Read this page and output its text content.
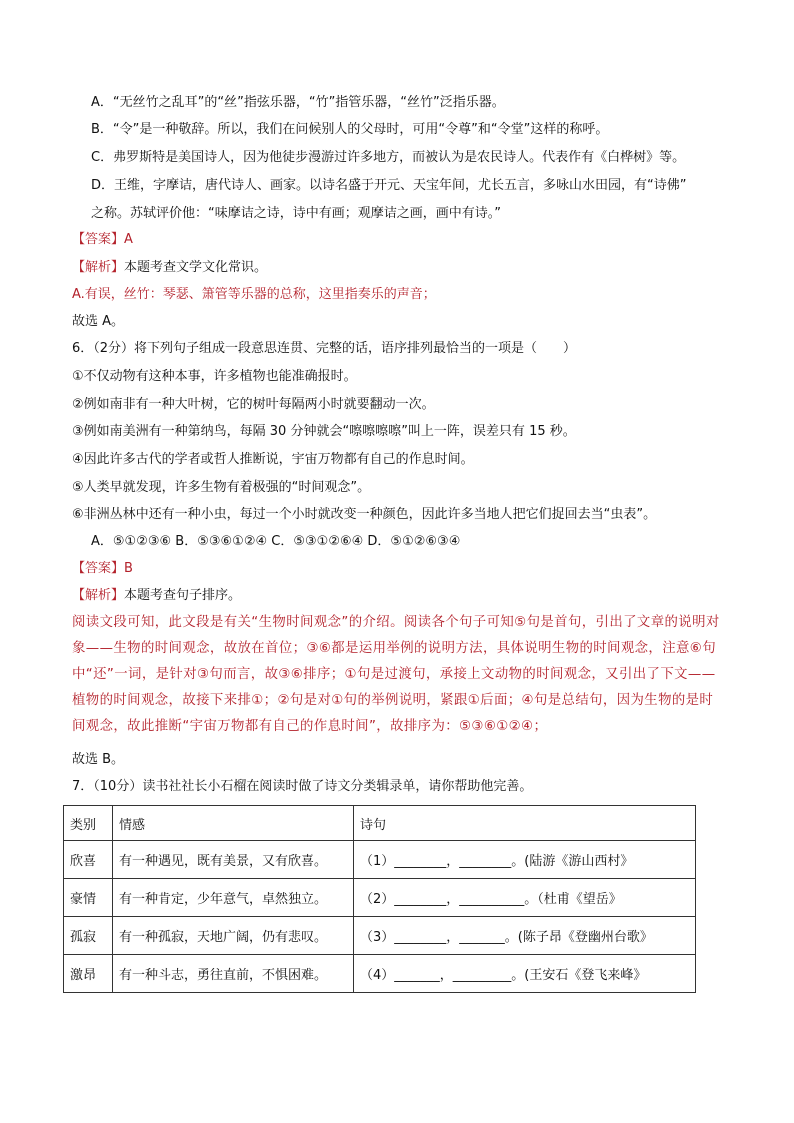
A．“无丝竹之乱耳”的“丝”指弦乐器，“竹”指管乐器，“丝竹”泛指乐器。
B．“令”是一种敬辞。所以，我们在问候别人的父母时，可用“令尊”和“令堂”这样的称呼。
C．弗罗斯特是美国诗人，因为他徒步漫游过许多地方，而被认为是农民诗人。代表作有《白桦树》等。
D．王维，字摩诘，唐代诗人、画家。以诗名盛于开元、天宝年间，尤长五言，多咏山水田园，有“诗佛”
之称。苏轼评价他：“味摩诘之诗，诗中有画；观摩诘之画，画中有诗。”
【答案】A
【解析】本题考查文学文化常识。
A.有误，丝竹：琴瑟、箫管等乐器的总称，这里指奏乐的声音；
故选 A。
6．（2分）将下列句子组成一段意思连贯、完整的话，语序排列最恰当的一项是（　　）
①不仅动物有这种本事，许多植物也能准确报时。
②例如南非有一种大叶树，它的树叶每隔两小时就要翻动一次。
③例如南美洲有一种第纳鸟，每隔 30 分钟就会“嚓嚓嚓嚓”叫上一阵，误差只有 15 秒。
④因此许多古代的学者或哲人推断说，宇宙万物都有自己的作息时间。
⑤人类早就发现，许多生物有着极强的“时间观念”。
⑥非洲丛林中还有一种小虫，每过一个小时就改变一种颜色，因此许多当地人把它们捉回去当“虫表”。
A．⑤①②③⑥ B．⑤③⑥①②④ C．⑤③①②⑥④ D．⑤①②⑥③④
【答案】B
【解析】本题考查句子排序。
阅读文段可知，此文段是有关“生物时间观念”的介绍。阅读各个句子可知⑤句是首句，引出了文章的说明对象——生物的时间观念，故放在首位；③⑥都是运用举例的说明方法，具体说明生物的时间观念，注意⑥句中“还”一词，是针对③句而言，故③⑥排序；①句是过渡句，承接上文动物的时间观念，又引出了下文——植物的时间观念，故接下来排①；②句是对①句的举例说明，紧跟①后面；④句是总结句，因为生物的是时间观念，故此推断“宇宙万物都有自己的作息时间”，故排序为：⑤③⑥①②④；
故选 B。
7．（10分）读书社社长小石榴在阅读时做了诗文分类辑录单，请你帮助他完善。
类别	情感	诗句
欣喜	有一种遇见，既有美景，又有欣喜。	（1）________，________。(陆游《游山西村》
豪情	有一种肯定，少年意气，卓然独立。	（2）________，__________。（杜甫《望岳》
孤寂	有一种孤寂，天地广阔，仍有悲叹。	（3）________，_______。(陈子昂《登幽州台歌》
激昂	有一种斗志，勇往直前，不惧困难。	（4）_______，_________。(王安石《登飞来峰》
